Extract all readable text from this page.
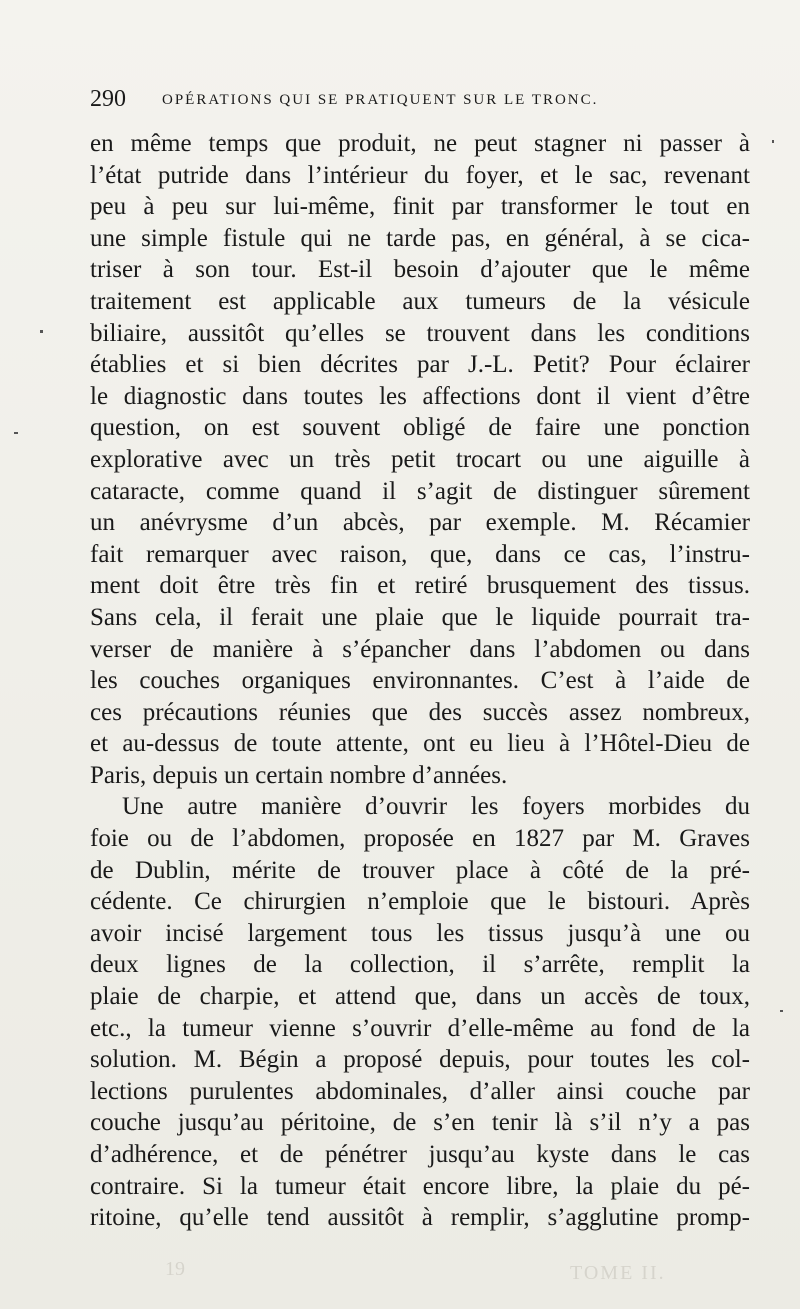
290 OPÉRATIONS QUI SE PRATIQUENT SUR LE TRONC.
en même temps que produit, ne peut stagner ni passer à
l’état putride dans l’intérieur du foyer, et le sac, revenant
peu à peu sur lui-même, finit par transformer le tout en
une simple fistule qui ne tarde pas, en général, à se cica-
triser à son tour. Est-il besoin d’ajouter que le même
traitement est applicable aux tumeurs de la vésicule
biliaire, aussitôt qu’elles se trouvent dans les conditions
établies et si bien décrites par J.-L. Petit? Pour éclairer
le diagnostic dans toutes les affections dont il vient d’être
question, on est souvent obligé de faire une ponction
explorative avec un très petit trocart ou une aiguille à
cataracte, comme quand il s’agit de distinguer sûrement
un anévrysme d’un abcès, par exemple. M. Récamier
fait remarquer avec raison, que, dans ce cas, l’instru-
ment doit être très fin et retiré brusquement des tissus.
Sans cela, il ferait une plaie que le liquide pourrait tra-
verser de manière à s’épancher dans l’abdomen ou dans
les couches organiques environnantes. C’est à l’aide de
ces précautions réunies que des succès assez nombreux,
et au-dessus de toute attente, ont eu lieu à l’Hôtel-Dieu de
Paris, depuis un certain nombre d’années.
Une autre manière d’ouvrir les foyers morbides du
foie ou de l’abdomen, proposée en 1827 par M. Graves
de Dublin, mérite de trouver place à côté de la pré-
cédente. Ce chirurgien n’emploie que le bistouri. Après
avoir incisé largement tous les tissus jusqu’à une ou
deux lignes de la collection, il s’arrête, remplit la
plaie de charpie, et attend que, dans un accès de toux,
etc., la tumeur vienne s’ouvrir d’elle-même au fond de la
solution. M. Bégin a proposé depuis, pour toutes les col-
lections purulentes abdominales, d’aller ainsi couche par
couche jusqu’au péritoine, de s’en tenir là s’il n’y a pas
d’adhérence, et de pénétrer jusqu’au kyste dans le cas
contraire. Si la tumeur était encore libre, la plaie du pé-
ritoine, qu’elle tend aussitôt à remplir, s’agglutine promp-
19	TOME II.
